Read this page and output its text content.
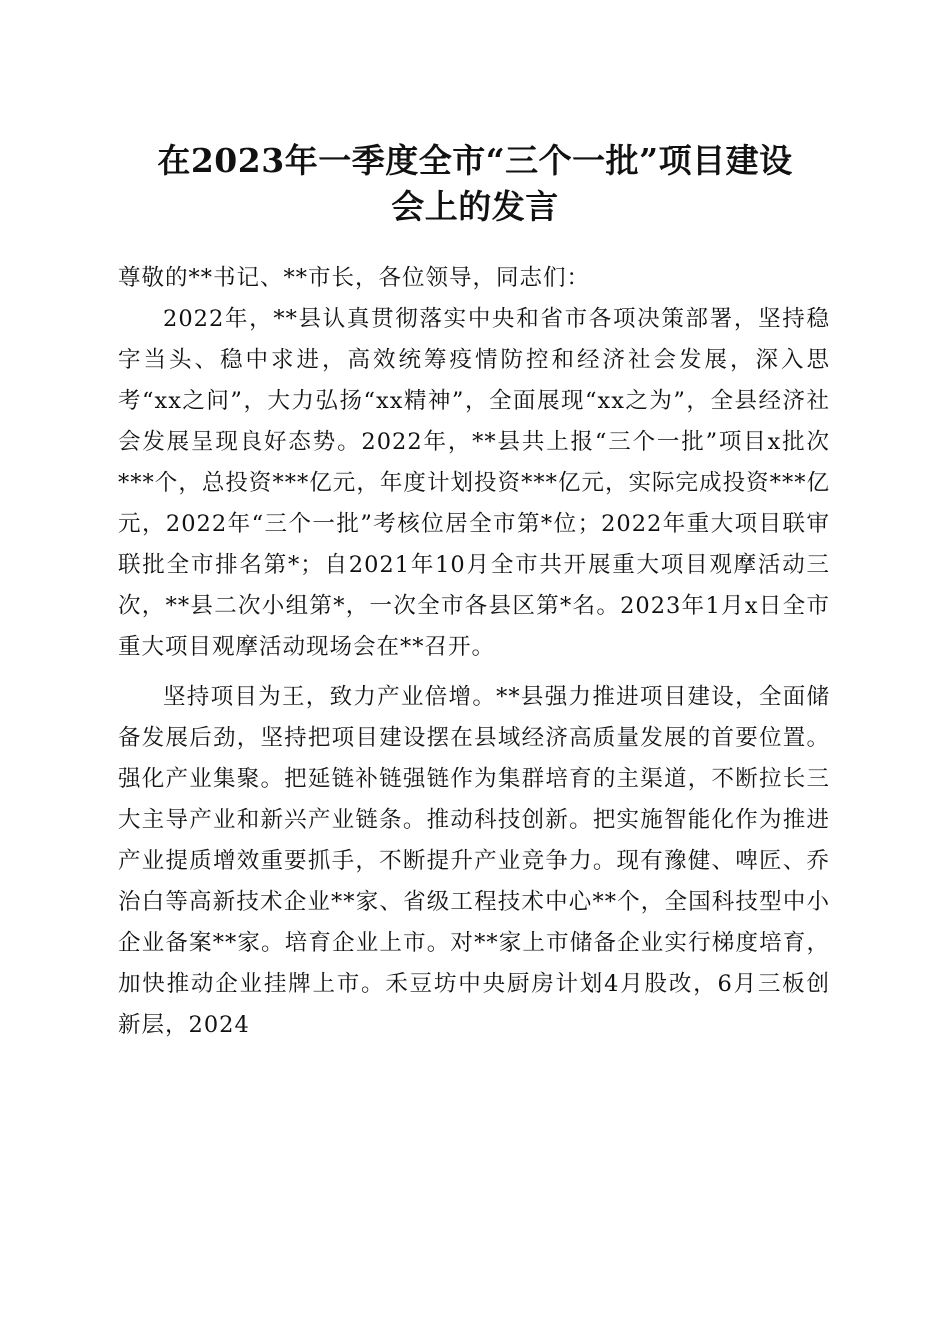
在2023年一季度全市“三个一批”项目建设
会上的发言

尊敬的**书记、**市长，各位领导，同志们：

2022年，**县认真贯彻落实中央和省市各项决策部署，坚持稳字当头、稳中求进，高效统筹疫情防控和经济社会发展，深入思考“xx之问”，大力弘扬“xx精神”，全面展现“xx之为”，全县经济社会发展呈现良好态势。2022年，**县共上报“三个一批”项目x批次***个，总投资***亿元，年度计划投资***亿元，实际完成投资***亿元，2022年“三个一批”考核位居全市第*位；2022年重大项目联审联批全市排名第*；自2021年10月全市共开展重大项目观摩活动三次，**县二次小组第*，一次全市各县区第*名。2023年1月x日全市重大项目观摩活动现场会在**召开。

坚持项目为王，致力产业倍增。**县强力推进项目建设，全面储备发展后劲，坚持把项目建设摆在县域经济高质量发展的首要位置。强化产业集聚。把延链补链强链作为集群培育的主渠道，不断拉长三大主导产业和新兴产业链条。推动科技创新。把实施智能化作为推进产业提质增效重要抓手，不断提升产业竞争力。现有豫健、啤匠、乔治白等高新技术企业**家、省级工程技术中心**个，全国科技型中小企业备案**家。培育企业上市。对**家上市储备企业实行梯度培育，加快推动企业挂牌上市。禾豆坊中央厨房计划4月股改，6月三板创新层，2024
